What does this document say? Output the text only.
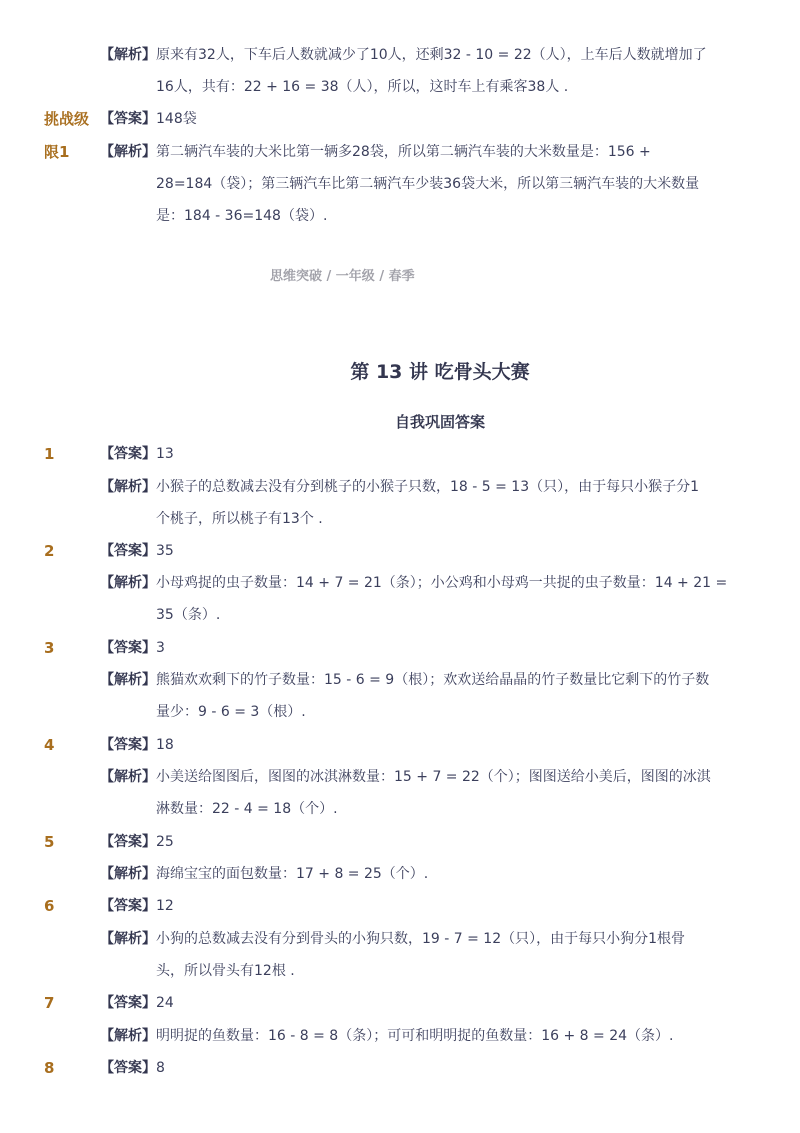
【解析】 原来有32人，下车后人数就减少了10人，还剩32 - 10 = 22（人），上车后人数就增加了
16人，共有：22 + 16 = 38（人），所以，这时车上有乘客38人 .
挑战级 【答案】 148袋
限1 【解析】 第二辆汽车装的大米比第一辆多28袋，所以第二辆汽车装的大米数量是：156 +
28=184（袋）；第三辆汽车比第二辆汽车少装36袋大米，所以第三辆汽车装的大米数量
是：184 - 36=148（袋）.
思维突破 / 一年级 / 春季
第 13 讲 吃骨头大赛
自我巩固答案
1	【答案】 13
【解析】 小猴子的总数减去没有分到桃子的小猴子只数，18 - 5 = 13（只），由于每只小猴子分1
个桃子，所以桃子有13个 .
2	【答案】 35
【解析】 小母鸡捉的虫子数量：14 + 7 = 21（条）；小公鸡和小母鸡一共捉的虫子数量：14 + 21 =
35（条）.
3	【答案】 3
【解析】 熊猫欢欢剩下的竹子数量：15 - 6 = 9（根）；欢欢送给晶晶的竹子数量比它剩下的竹子数
量少：9 - 6 = 3（根）.
4	【答案】 18
【解析】 小美送给图图后，图图的冰淇淋数量：15 + 7 = 22（个）；图图送给小美后，图图的冰淇
淋数量：22 - 4 = 18（个）.
5	【答案】 25
【解析】 海绵宝宝的面包数量：17 + 8 = 25（个）.
6	【答案】 12
【解析】 小狗的总数减去没有分到骨头的小狗只数，19 - 7 = 12（只），由于每只小狗分1根骨
头，所以骨头有12根 .
7	【答案】 24
【解析】 明明捉的鱼数量：16 - 8 = 8（条）；可可和明明捉的鱼数量：16 + 8 = 24（条）.
8	【答案】 8
